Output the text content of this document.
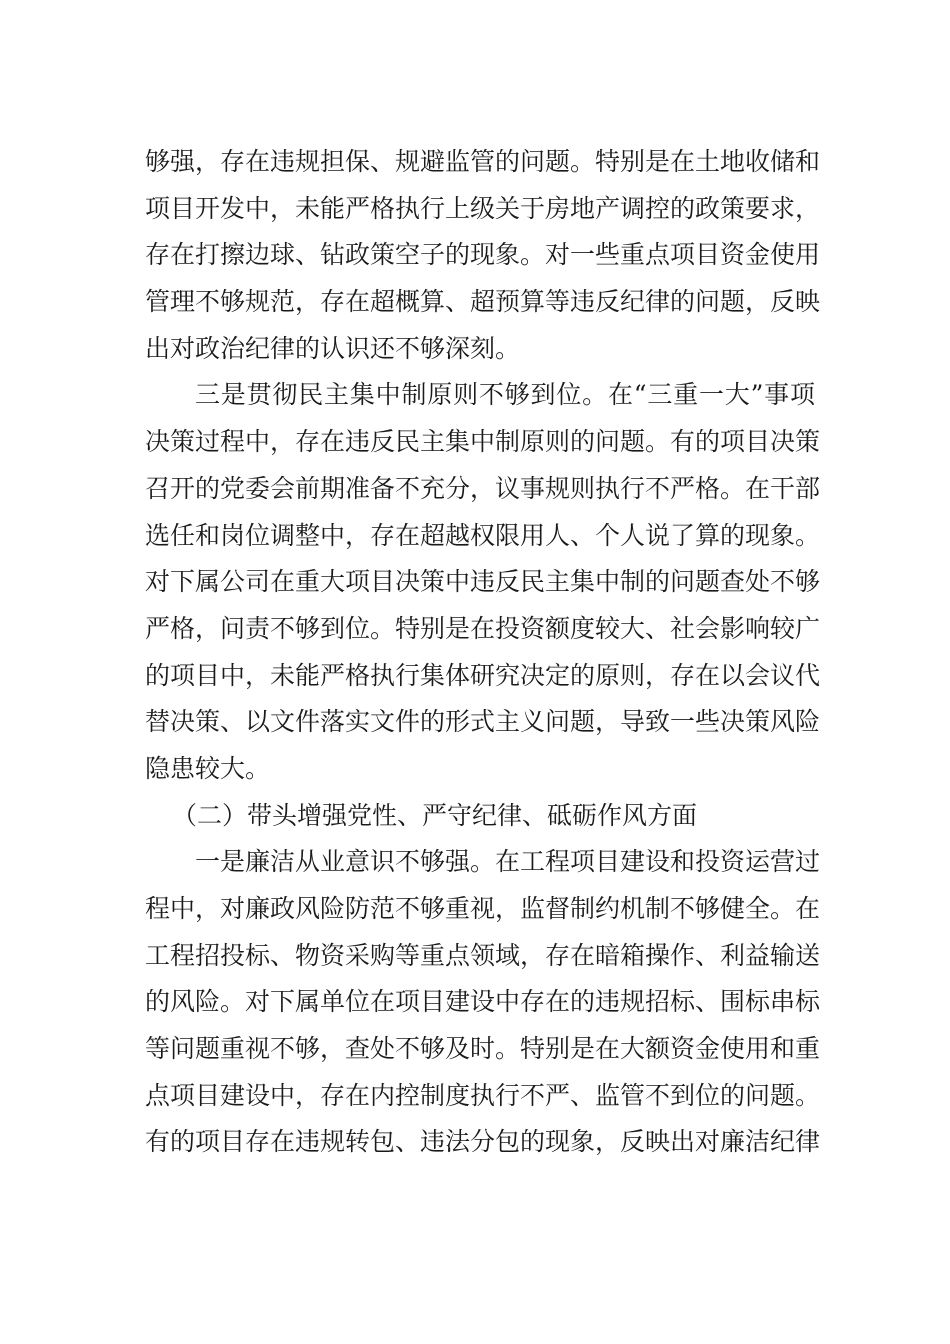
够强，存在违规担保、规避监管的问题。特别是在土地收储和
项目开发中，未能严格执行上级关于房地产调控的政策要求，
存在打擦边球、钻政策空子的现象。对一些重点项目资金使用
管理不够规范，存在超概算、超预算等违反纪律的问题，反映
出对政治纪律的认识还不够深刻。
三是贯彻民主集中制原则不够到位。在“三重一大”事项
决策过程中，存在违反民主集中制原则的问题。有的项目决策
召开的党委会前期准备不充分，议事规则执行不严格。在干部
选任和岗位调整中，存在超越权限用人、个人说了算的现象。
对下属公司在重大项目决策中违反民主集中制的问题查处不够
严格，问责不够到位。特别是在投资额度较大、社会影响较广
的项目中，未能严格执行集体研究决定的原则，存在以会议代
替决策、以文件落实文件的形式主义问题，导致一些决策风险
隐患较大。
（二）带头增强党性、严守纪律、砥砺作风方面
一是廉洁从业意识不够强。在工程项目建设和投资运营过
程中，对廉政风险防范不够重视，监督制约机制不够健全。在
工程招投标、物资采购等重点领域，存在暗箱操作、利益输送
的风险。对下属单位在项目建设中存在的违规招标、围标串标
等问题重视不够，查处不够及时。特别是在大额资金使用和重
点项目建设中，存在内控制度执行不严、监管不到位的问题。
有的项目存在违规转包、违法分包的现象，反映出对廉洁纪律
